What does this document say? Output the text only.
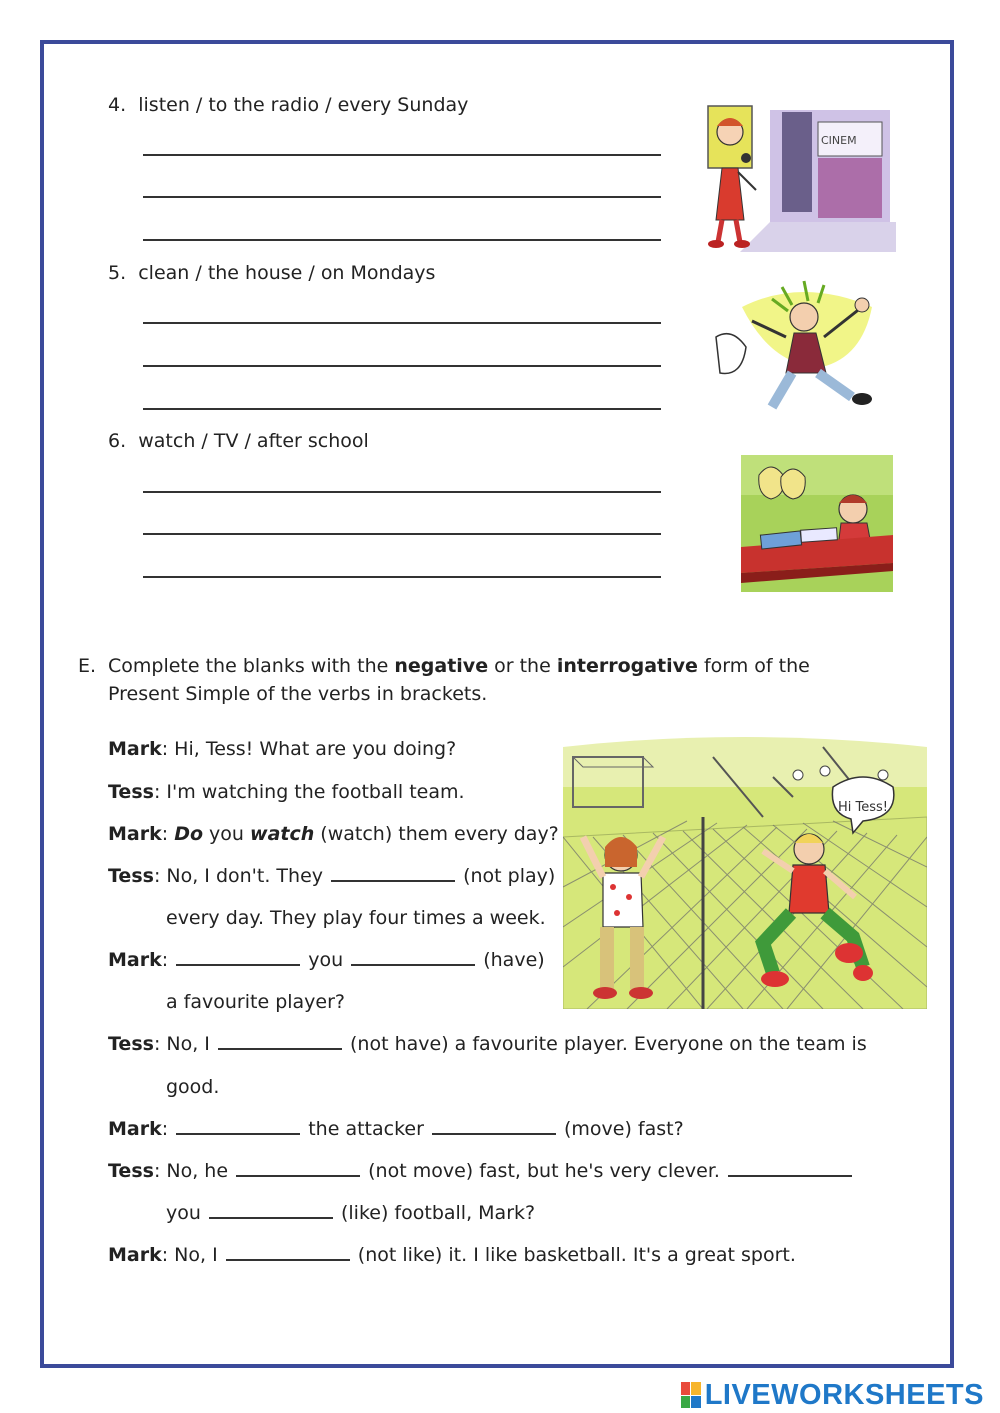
4. listen / to the radio / every Sunday
5. clean / the house / on Mondays
6. watch / TV / after school
CINEM
E. Complete the blanks with the negative or the interrogative form of the
Present Simple of the verbs in brackets.
Hi Tess!
Mark: Hi, Tess! What are you doing?
Tess: I'm watching the football team.
Mark: Do you watch (watch) them every day?
Tess: No, I don't. They	(not play)
every day. They play four times a week.
Mark:	you	(have)
a favourite player?
Tess: No, I	(not have) a favourite player. Everyone on the team is
good.
Mark:	the attacker	(move) fast?
Tess: No, he	(not move) fast, but he's very clever.
you	(like) football, Mark?
Mark: No, I	(not like) it. I like basketball. It's a great sport.
LIVEWORKSHEETS
